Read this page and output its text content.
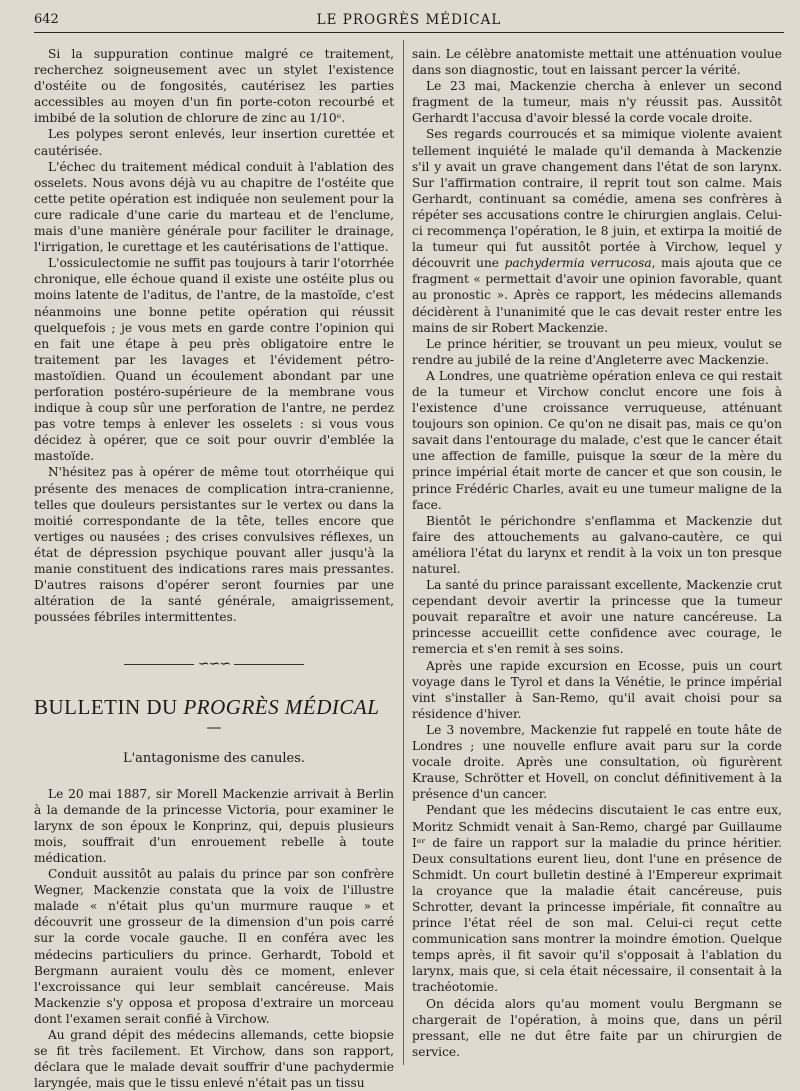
642	LE PROGRÈS MÉDICAL

Si la suppuration continue malgré ce traitement, recherchez soigneusement avec un stylet l'existence d'ostéite ou de fongosités, cautérisez les parties accessibles au moyen d'un fin porte-coton recourbé et imbibé de la solution de chlorure de zinc au 1/10ᵉ.

Les polypes seront enlevés, leur insertion curettée et cautérisée.

L'échec du traitement médical conduit à l'ablation des osselets. Nous avons déjà vu au chapitre de l'ostéite que cette petite opération est indiquée non seulement pour la cure radicale d'une carie du marteau et de l'enclume, mais d'une manière générale pour faciliter le drainage, l'irrigation, le curettage et les cautérisations de l'attique.

L'ossiculectomie ne suffit pas toujours à tarir l'otorrhée chronique, elle échoue quand il existe une ostéite plus ou moins latente de l'aditus, de l'antre, de la mastoïde, c'est néanmoins une bonne petite opération qui réussit quelquefois ; je vous mets en garde contre l'opinion qui en fait une étape à peu près obligatoire entre le traitement par les lavages et l'évidement pétro-mastoïdien. Quand un écoulement abondant par une perforation postéro-supérieure de la membrane vous indique à coup sûr une perforation de l'antre, ne perdez pas votre temps à enlever les osselets : si vous vous décidez à opérer, que ce soit pour ouvrir d'emblée la mastoïde.

N'hésitez pas à opérer de même tout otorrhéique qui présente des menaces de complication intra-cranienne, telles que douleurs persistantes sur le vertex ou dans la moitié correspondante de la tête, telles encore que vertiges ou nausées ; des crises convulsives réflexes, un état de dépression psychique pouvant aller jusqu'à la manie constituent des indications rares mais pressantes. D'autres raisons d'opérer seront fournies par une altération de la santé générale, amaigrissement, poussées fébriles intermittentes.

∽∽∽
BULLETIN DU PROGRÈS MÉDICAL
—
L'antagonisme des canules.

Le 20 mai 1887, sir Morell Mackenzie arrivait à Berlin à la demande de la princesse Victoria, pour examiner le larynx de son époux le Konprinz, qui, depuis plusieurs mois, souffrait d'un enrouement rebelle à toute médication.

Conduit aussitôt au palais du prince par son confrère Wegner, Mackenzie constata que la voix de l'illustre malade « n'était plus qu'un murmure rauque » et découvrit une grosseur de la dimension d'un pois carré sur la corde vocale gauche. Il en conféra avec les médecins particuliers du prince. Gerhardt, Tobold et Bergmann auraient voulu dès ce moment, enlever l'excroissance qui leur semblait cancéreuse. Mais Mackenzie s'y opposa et proposa d'extraire un morceau dont l'examen serait confié à Virchow.

Au grand dépit des médecins allemands, cette biopsie se fit très facilement. Et Virchow, dans son rapport, déclara que le malade devait souffrir d'une pachydermie laryngée, mais que le tissu enlevé n'était pas un tissu

sain. Le célèbre anatomiste mettait une atténuation voulue dans son diagnostic, tout en laissant percer la vérité.

Le 23 mai, Mackenzie chercha à enlever un second fragment de la tumeur, mais n'y réussit pas. Aussitôt Gerhardt l'accusa d'avoir blessé la corde vocale droite.

Ses regards courroucés et sa mimique violente avaient tellement inquiété le malade qu'il demanda à Mackenzie s'il y avait un grave changement dans l'état de son larynx. Sur l'affirmation contraire, il reprit tout son calme. Mais Gerhardt, continuant sa comédie, amena ses confrères à répéter ses accusations contre le chirurgien anglais. Celui-ci recommença l'opération, le 8 juin, et extirpa la moitié de la tumeur qui fut aussitôt portée à Virchow, lequel y découvrit une pachydermia verrucosa, mais ajouta que ce fragment « permettait d'avoir une opinion favorable, quant au pronostic ». Après ce rapport, les médecins allemands décidèrent à l'unanimité que le cas devait rester entre les mains de sir Robert Mackenzie.

Le prince héritier, se trouvant un peu mieux, voulut se rendre au jubilé de la reine d'Angleterre avec Mackenzie.

A Londres, une quatrième opération enleva ce qui restait de la tumeur et Virchow conclut encore une fois à l'existence d'une croissance verruqueuse, atténuant toujours son opinion. Ce qu'on ne disait pas, mais ce qu'on savait dans l'entourage du malade, c'est que le cancer était une affection de famille, puisque la sœur de la mère du prince impérial était morte de cancer et que son cousin, le prince Frédéric Charles, avait eu une tumeur maligne de la face.

Bientôt le périchondre s'enflamma et Mackenzie dut faire des attouchements au galvano-cautère, ce qui améliora l'état du larynx et rendit à la voix un ton presque naturel.

La santé du prince paraissant excellente, Mackenzie crut cependant devoir avertir la princesse que la tumeur pouvait reparaître et avoir une nature cancéreuse. La princesse accueillit cette confidence avec courage, le remercia et s'en remit à ses soins.

Après une rapide excursion en Ecosse, puis un court voyage dans le Tyrol et dans la Vénétie, le prince impérial vint s'installer à San-Remo, qu'il avait choisi pour sa résidence d'hiver.

Le 3 novembre, Mackenzie fut rappelé en toute hâte de Londres ; une nouvelle enflure avait paru sur la corde vocale droite. Après une consultation, où figurèrent Krause, Schrötter et Hovell, on conclut définitivement à la présence d'un cancer.

Pendant que les médecins discutaient le cas entre eux, Moritz Schmidt venait à San-Remo, chargé par Guillaume Iᵉʳ de faire un rapport sur la maladie du prince héritier. Deux consultations eurent lieu, dont l'une en présence de Schmidt. Un court bulletin destiné à l'Empereur exprimait la croyance que la maladie était cancéreuse, puis Schrotter, devant la princesse impériale, fit connaître au prince l'état réel de son mal. Celui-ci reçut cette communication sans montrer la moindre émotion. Quelque temps après, il fit savoir qu'il s'opposait à l'ablation du larynx, mais que, si cela était nécessaire, il consentait à la trachéotomie.

On décida alors qu'au moment voulu Bergmann se chargerait de l'opération, à moins que, dans un péril pressant, elle ne dut être faite par un chirurgien de service.
